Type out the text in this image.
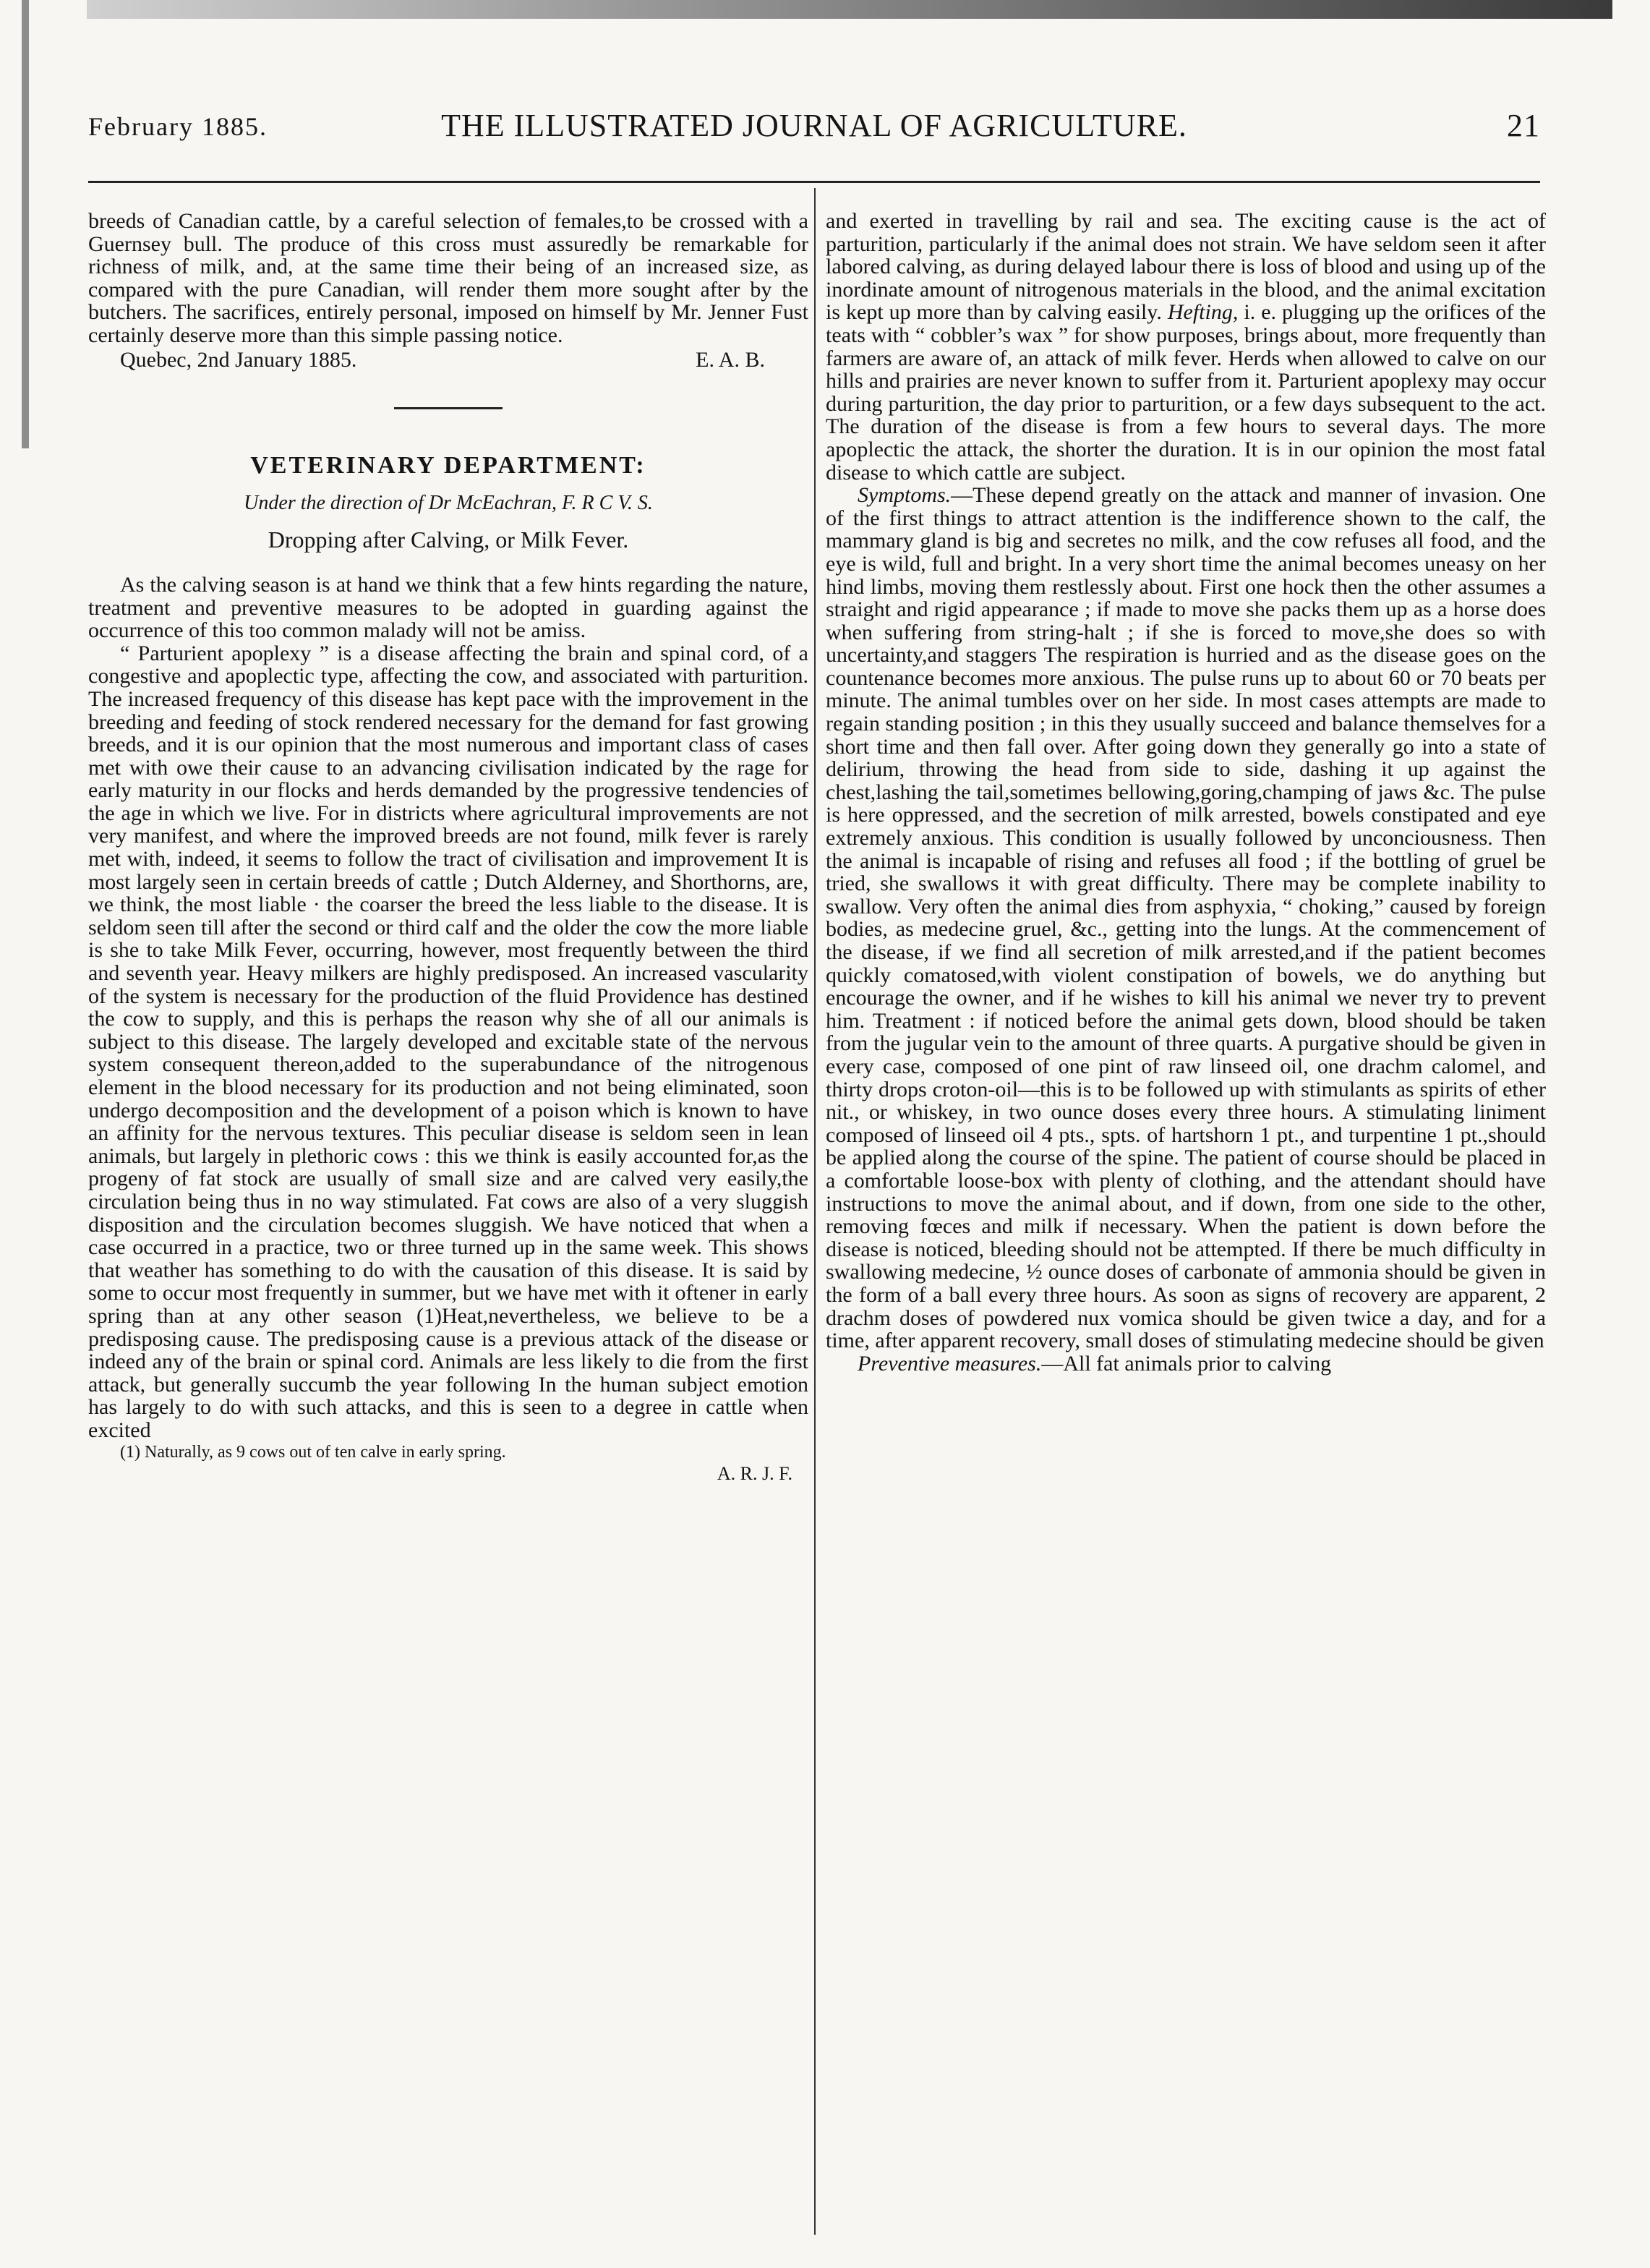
THE ILLUSTRATED JOURNAL OF AGRICULTURE.
February 1885.	21

breeds of Canadian cattle, by a careful selection of females,to be crossed with a Guernsey bull. The produce of this cross must assuredly be remarkable for richness of milk, and, at the same time their being of an increased size, as compared with the pure Canadian, will render them more sought after by the butchers. The sacrifices, entirely personal, imposed on himself by Mr. Jenner Fust certainly deserve more than this simple passing notice.

Quebec, 2nd January 1885.	E. A. B.
VETERINARY DEPARTMENT:
Under the direction of Dr McEachran, F. R C V. S.
Dropping after Calving, or Milk Fever.

As the calving season is at hand we think that a few hints regarding the nature, treatment and preventive measures to be adopted in guarding against the occurrence of this too common malady will not be amiss.

“ Parturient apoplexy ” is a disease affecting the brain and spinal cord, of a congestive and apoplectic type, affecting the cow, and associated with parturition. The increased frequency of this disease has kept pace with the improvement in the breeding and feeding of stock rendered necessary for the demand for fast growing breeds, and it is our opinion that the most numerous and important class of cases met with owe their cause to an advancing civilisation indicated by the rage for early maturity in our flocks and herds demanded by the progressive tendencies of the age in which we live. For in districts where agricultural improvements are not very manifest, and where the improved breeds are not found, milk fever is rarely met with, indeed, it seems to follow the tract of civilisation and improvement It is most largely seen in certain breeds of cattle ; Dutch Alderney, and Shorthorns, are, we think, the most liable · the coarser the breed the less liable to the disease. It is seldom seen till after the second or third calf and the older the cow the more liable is she to take Milk Fever, occurring, however, most frequently between the third and seventh year. Heavy milkers are highly predisposed. An increased vascularity of the system is necessary for the production of the fluid Providence has destined the cow to supply, and this is perhaps the reason why she of all our animals is subject to this disease. The largely developed and excitable state of the nervous system consequent thereon,added to the superabundance of the nitrogenous element in the blood necessary for its production and not being eliminated, soon undergo decomposition and the development of a poison which is known to have an affinity for the nervous textures. This peculiar disease is seldom seen in lean animals, but largely in plethoric cows : this we think is easily accounted for,as the progeny of fat stock are usually of small size and are calved very easily,the circulation being thus in no way stimulated. Fat cows are also of a very sluggish disposition and the circulation becomes sluggish. We have noticed that when a case occurred in a practice, two or three turned up in the same week. This shows that weather has something to do with the causation of this disease. It is said by some to occur most frequently in summer, but we have met with it oftener in early spring than at any other season (1)Heat,nevertheless, we believe to be a predisposing cause. The predisposing cause is a previous attack of the disease or indeed any of the brain or spinal cord. Animals are less likely to die from the first attack, but generally succumb the year following In the human subject emotion has largely to do with such attacks, and this is seen to a degree in cattle when excited

(1) Naturally, as 9 cows out of ten calve in early spring.

A. R. J. F.

and exerted in travelling by rail and sea. The exciting cause is the act of parturition, particularly if the animal does not strain. We have seldom seen it after labored calving, as during delayed labour there is loss of blood and using up of the inordinate amount of nitrogenous materials in the blood, and the animal excitation is kept up more than by calving easily. Hefting, i. e. plugging up the orifices of the teats with “ cobbler’s wax ” for show purposes, brings about, more frequently than farmers are aware of, an attack of milk fever. Herds when allowed to calve on our hills and prairies are never known to suffer from it. Parturient apoplexy may occur during parturition, the day prior to parturition, or a few days subsequent to the act. The duration of the disease is from a few hours to several days. The more apoplectic the attack, the shorter the duration. It is in our opinion the most fatal disease to which cattle are subject.

Symptoms.—These depend greatly on the attack and manner of invasion. One of the first things to attract attention is the indifference shown to the calf, the mammary gland is big and secretes no milk, and the cow refuses all food, and the eye is wild, full and bright. In a very short time the animal becomes uneasy on her hind limbs, moving them restlessly about. First one hock then the other assumes a straight and rigid appearance ; if made to move she packs them up as a horse does when suffering from string-halt ; if she is forced to move,she does so with uncertainty,and staggers The respiration is hurried and as the disease goes on the countenance becomes more anxious. The pulse runs up to about 60 or 70 beats per minute. The animal tumbles over on her side. In most cases attempts are made to regain standing position ; in this they usually succeed and balance themselves for a short time and then fall over. After going down they generally go into a state of delirium, throwing the head from side to side, dashing it up against the chest,lashing the tail,sometimes bellowing,goring,champing of jaws &c. The pulse is here oppressed, and the secretion of milk arrested, bowels constipated and eye extremely anxious. This condition is usually followed by unconciousness. Then the animal is incapable of rising and refuses all food ; if the bottling of gruel be tried, she swallows it with great difficulty. There may be complete inability to swallow. Very often the animal dies from asphyxia, “ choking,” caused by foreign bodies, as medecine gruel, &c., getting into the lungs. At the commencement of the disease, if we find all secretion of milk arrested,and if the patient becomes quickly comatosed,with violent constipation of bowels, we do anything but encourage the owner, and if he wishes to kill his animal we never try to prevent him. Treatment : if noticed before the animal gets down, blood should be taken from the jugular vein to the amount of three quarts. A purgative should be given in every case, composed of one pint of raw linseed oil, one drachm calomel, and thirty drops croton-oil—this is to be followed up with stimulants as spirits of ether nit., or whiskey, in two ounce doses every three hours. A stimulating liniment composed of linseed oil 4 pts., spts. of hartshorn 1 pt., and turpentine 1 pt.,should be applied along the course of the spine. The patient of course should be placed in a comfortable loose-box with plenty of clothing, and the attendant should have instructions to move the animal about, and if down, from one side to the other, removing fœces and milk if necessary. When the patient is down before the disease is noticed, bleeding should not be attempted. If there be much difficulty in swallowing medecine, ½ ounce doses of carbonate of ammonia should be given in the form of a ball every three hours. As soon as signs of recovery are apparent, 2 drachm doses of powdered nux vomica should be given twice a day, and for a time, after apparent recovery, small doses of stimulating medecine should be given

Preventive measures.—All fat animals prior to calving
